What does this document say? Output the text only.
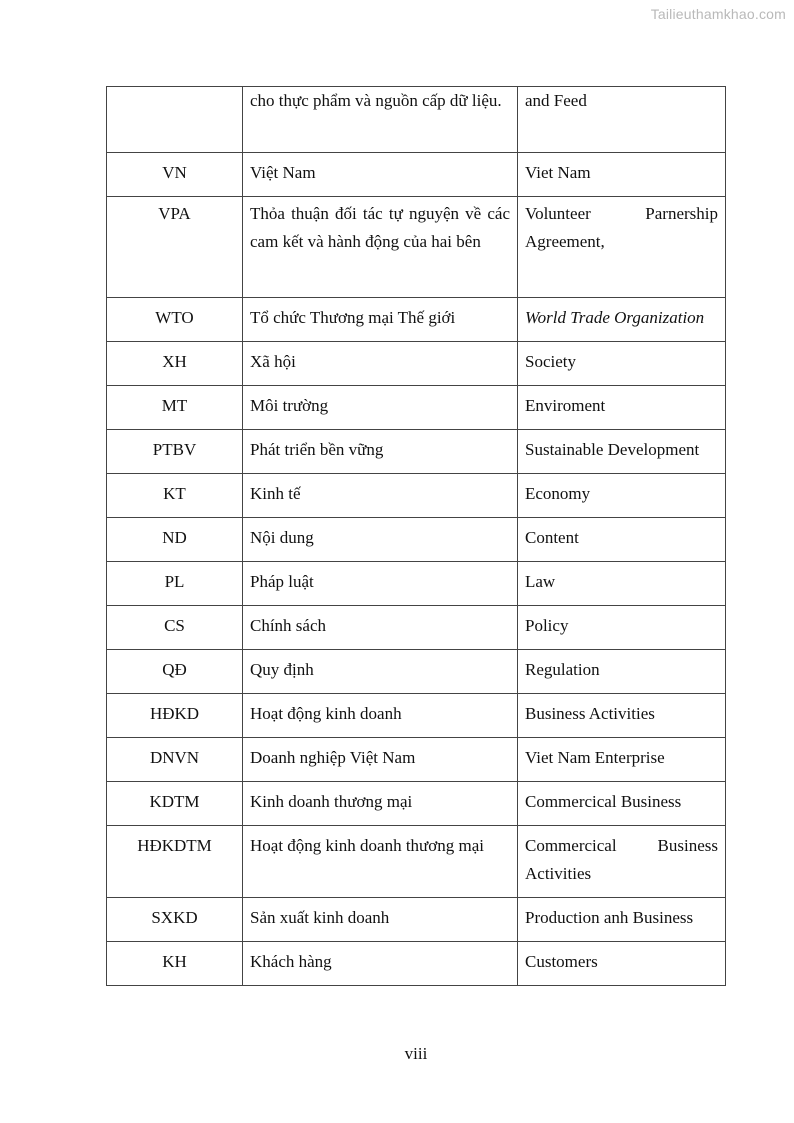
Tailieuthamkhao.com
	cho thực phẩm và nguồn cấp dữ liệu.	and Feed
VN	Việt Nam	Viet Nam
VPA	Thỏa thuận đối tác tự nguyện về các cam kết và hành động của hai bên	Volunteer Parnership Agreement,
WTO	Tổ chức Thương mại Thế giới	World Trade Organization
XH	Xã hội	Society
MT	Môi trường	Enviroment
PTBV	Phát triển bền vững	Sustainable Development
KT	Kinh tế	Economy
ND	Nội dung	Content
PL	Pháp luật	Law
CS	Chính sách	Policy
QĐ	Quy định	Regulation
HĐKD	Hoạt động kinh doanh	Business Activities
DNVN	Doanh nghiệp Việt Nam	Viet Nam Enterprise
KDTM	Kinh doanh thương mại	Commercical Business
HĐKDTM	Hoạt động kinh doanh thương mại	Commercical Business Activities
SXKD	Sản xuất kinh doanh	Production anh Business
KH	Khách hàng	Customers
viii
